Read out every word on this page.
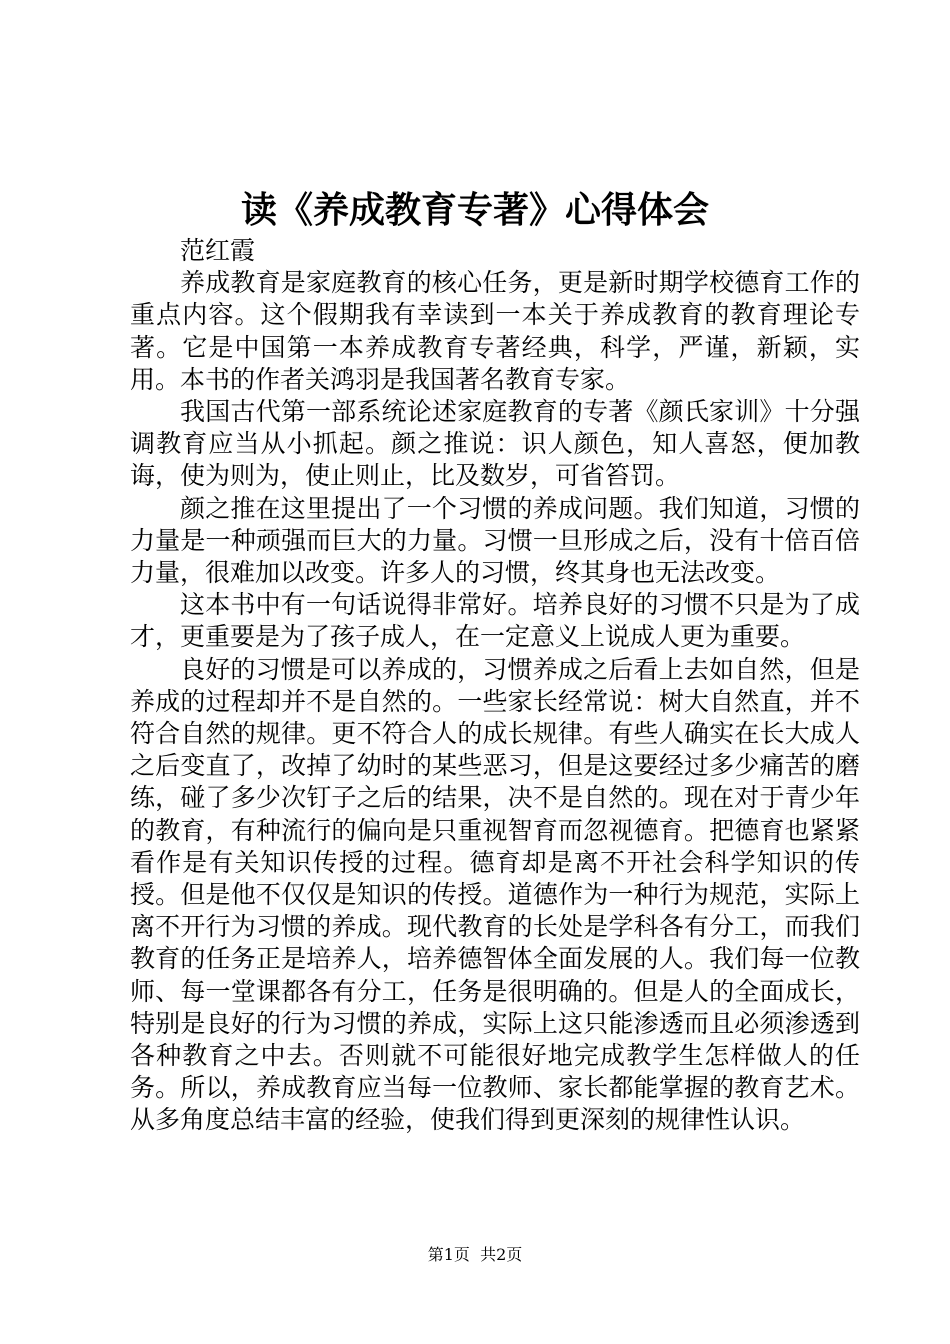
读《养成教育专著》心得体会

范红霞

养成教育是家庭教育的核心任务，更是新时期学校德育工作的重点内容。这个假期我有幸读到一本关于养成教育的教育理论专著。它是中国第一本养成教育专著经典，科学，严谨，新颖，实用。本书的作者关鸿羽是我国著名教育专家。

我国古代第一部系统论述家庭教育的专著《颜氏家训》十分强调教育应当从小抓起。颜之推说：识人颜色，知人喜怒，便加教诲，使为则为，使止则止，比及数岁，可省笞罚。

颜之推在这里提出了一个习惯的养成问题。我们知道，习惯的力量是一种顽强而巨大的力量。习惯一旦形成之后，没有十倍百倍力量，很难加以改变。许多人的习惯，终其身也无法改变。

这本书中有一句话说得非常好。培养良好的习惯不只是为了成才，更重要是为了孩子成人，在一定意义上说成人更为重要。

良好的习惯是可以养成的，习惯养成之后看上去如自然，但是养成的过程却并不是自然的。一些家长经常说：树大自然直，并不符合自然的规律。更不符合人的成长规律。有些人确实在长大成人之后变直了，改掉了幼时的某些恶习，但是这要经过多少痛苦的磨练，碰了多少次钉子之后的结果，决不是自然的。现在对于青少年的教育，有种流行的偏向是只重视智育而忽视德育。把德育也紧紧看作是有关知识传授的过程。德育却是离不开社会科学知识的传授。但是他不仅仅是知识的传授。道德作为一种行为规范，实际上离不开行为习惯的养成。现代教育的长处是学科各有分工，而我们教育的任务正是培养人，培养德智体全面发展的人。我们每一位教师、每一堂课都各有分工，任务是很明确的。但是人的全面成长，特别是良好的行为习惯的养成，实际上这只能渗透而且必须渗透到各种教育之中去。否则就不可能很好地完成教学生怎样做人的任务。所以，养成教育应当每一位教师、家长都能掌握的教育艺术。从多角度总结丰富的经验，使我们得到更深刻的规律性认识。

第1页 共2页
